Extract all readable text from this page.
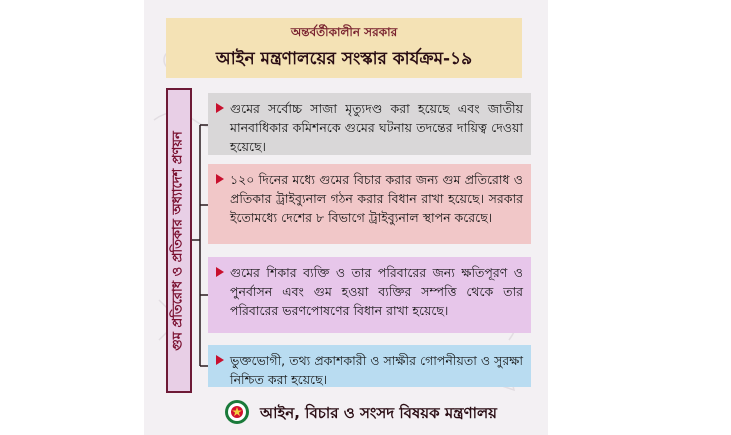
অন্তর্বর্তীকালীন সরকার
আইন মন্ত্রণালয়ের সংস্কার কার্যক্রম-১৯
গুম প্রতিরোধ ও প্রতিকার অধ্যাদেশ প্রণয়ন
গুমের সর্বোচ্চ সাজা মৃত্যুদণ্ড করা হয়েছে এবং জাতীয় মানবাধিকার কমিশনকে গুমের ঘটনায় তদন্তের দায়িত্ব দেওয়া হয়েছে।
১২০ দিনের মধ্যে গুমের বিচার করার জন্য গুম প্রতিরোধ ও প্রতিকার ট্রাইব্যুনাল গঠন করার বিধান রাখা হয়েছে। সরকার ইতোমধ্যে দেশের ৮ বিভাগে ট্রাইব্যুনাল স্থাপন করেছে।
গুমের শিকার ব্যক্তি ও তার পরিবারের জন্য ক্ষতিপূরণ ও পুনর্বাসন এবং গুম হওয়া ব্যক্তির সম্পত্তি থেকে তার পরিবারের ভরণপোষণের বিধান রাখা হয়েছে।
ভুক্তভোগী, তথ্য প্রকাশকারী ও সাক্ষীর গোপনীয়তা ও সুরক্ষা নিশ্চিত করা হয়েছে।
আইন, বিচার ও সংসদ বিষয়ক মন্ত্রণালয়
